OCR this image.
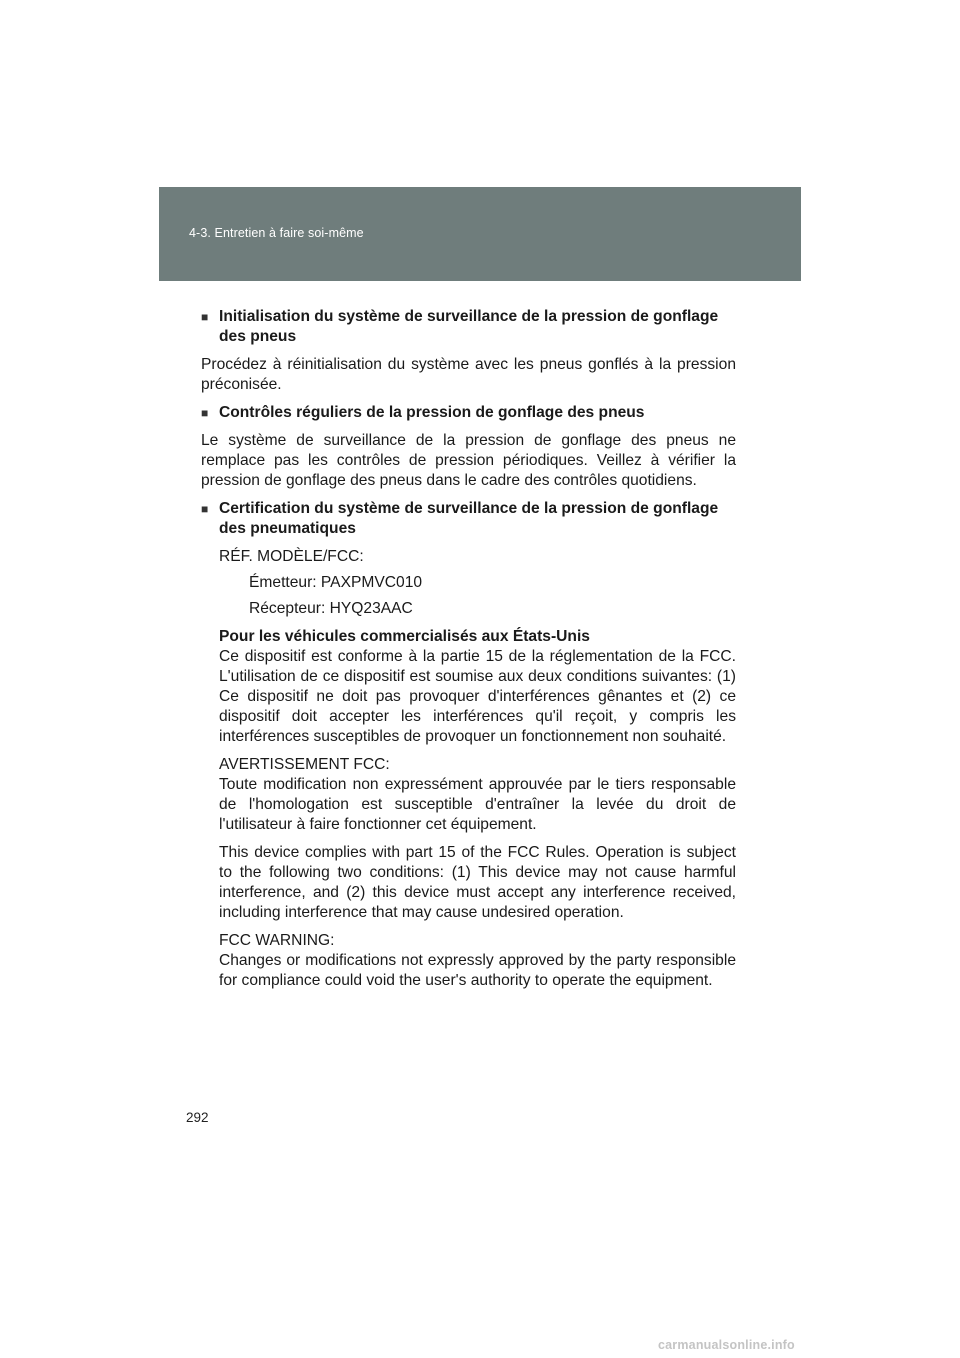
4-3. Entretien à faire soi-même
■ Initialisation du système de surveillance de la pression de gonflage des pneus

Procédez à réinitialisation du système avec les pneus gonflés à la pression préconisée.

■ Contrôles réguliers de la pression de gonflage des pneus

Le système de surveillance de la pression de gonflage des pneus ne remplace pas les contrôles de pression périodiques. Veillez à vérifier la pression de gonflage des pneus dans le cadre des contrôles quotidiens.

■ Certification du système de surveillance de la pression de gonflage des pneumatiques
RÉF. MODÈLE/FCC:
Émetteur: PAXPMVC010
Récepteur: HYQ23AAC
Pour les véhicules commercialisés aux États-Unis

Ce dispositif est conforme à la partie 15 de la réglementation de la FCC. L'utilisation de ce dispositif est soumise aux deux conditions suivantes: (1) Ce dispositif ne doit pas provoquer d'interférences gênantes et (2) ce dispositif doit accepter les interférences qu'il reçoit, y compris les interférences susceptibles de provoquer un fonctionnement non souhaité.

AVERTISSEMENT FCC:

Toute modification non expressément approuvée par le tiers responsable de l'homologation est susceptible d'entraîner la levée du droit de l'utilisateur à faire fonctionner cet équipement.

This device complies with part 15 of the FCC Rules. Operation is subject to the following two conditions: (1) This device may not cause harmful interference, and (2) this device must accept any interference received, including interference that may cause undesired operation.

FCC WARNING:

Changes or modifications not expressly approved by the party responsible for compliance could void the user's authority to operate the equipment.

292
carmanualsonline.info
